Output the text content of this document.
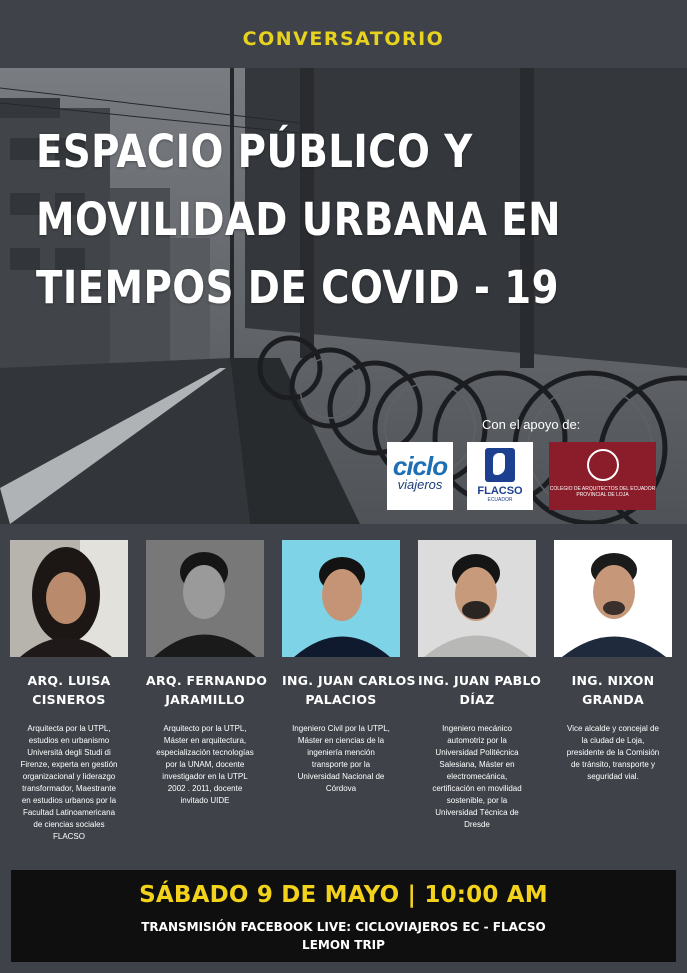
CONVERSATORIO
ESPACIO PÚBLICO Y
MOVILIDAD URBANA EN
TIEMPOS DE COVID - 19
Con el apoyo de:
ciclo
viajeros	FLACSO
ECUADOR
COLEGIO DE ARQUITECTOS DEL ECUADOR
PROVINCIAL DE LOJA
ARQ. LUISA
CISNEROS
Arquitecta por la UTPL,
estudios en urbanismo
Università degli Studi di
Firenze, experta en gestión
organizacional y liderazgo
transformador, Maestrante
en estudios urbanos por la
Facultad Latinoamericana
de ciencias sociales
FLACSO
ARQ. FERNANDO
JARAMILLO
Arquitecto por la UTPL,
Máster en arquitectura,
especialización tecnologías
por la UNAM, docente
investigador en la UTPL
2002 . 2011, docente
invitado UIDE
ING. JUAN CARLOS
PALACIOS
Ingeniero Civil por la UTPL,
Máster en ciencias de la
ingeniería mención
transporte por la
Universidad Nacional de
Córdova
ING. JUAN PABLO
DÍAZ
Ingeniero mecánico
automotriz por la
Universidad Politécnica
Salesiana, Máster en
electromecánica,
certificación en movilidad
sostenible, por la
Universidad Técnica de
Dresde
ING. NIXON
GRANDA
Vice alcalde y concejal de
la ciudad de Loja,
presidente de la Comisión
de tránsito, transporte y
seguridad vial.
SÁBADO 9 DE MAYO | 10:00 AM
TRANSMISIÓN FACEBOOK LIVE: CICLOVIAJEROS EC - FLACSO
LEMON TRIP
